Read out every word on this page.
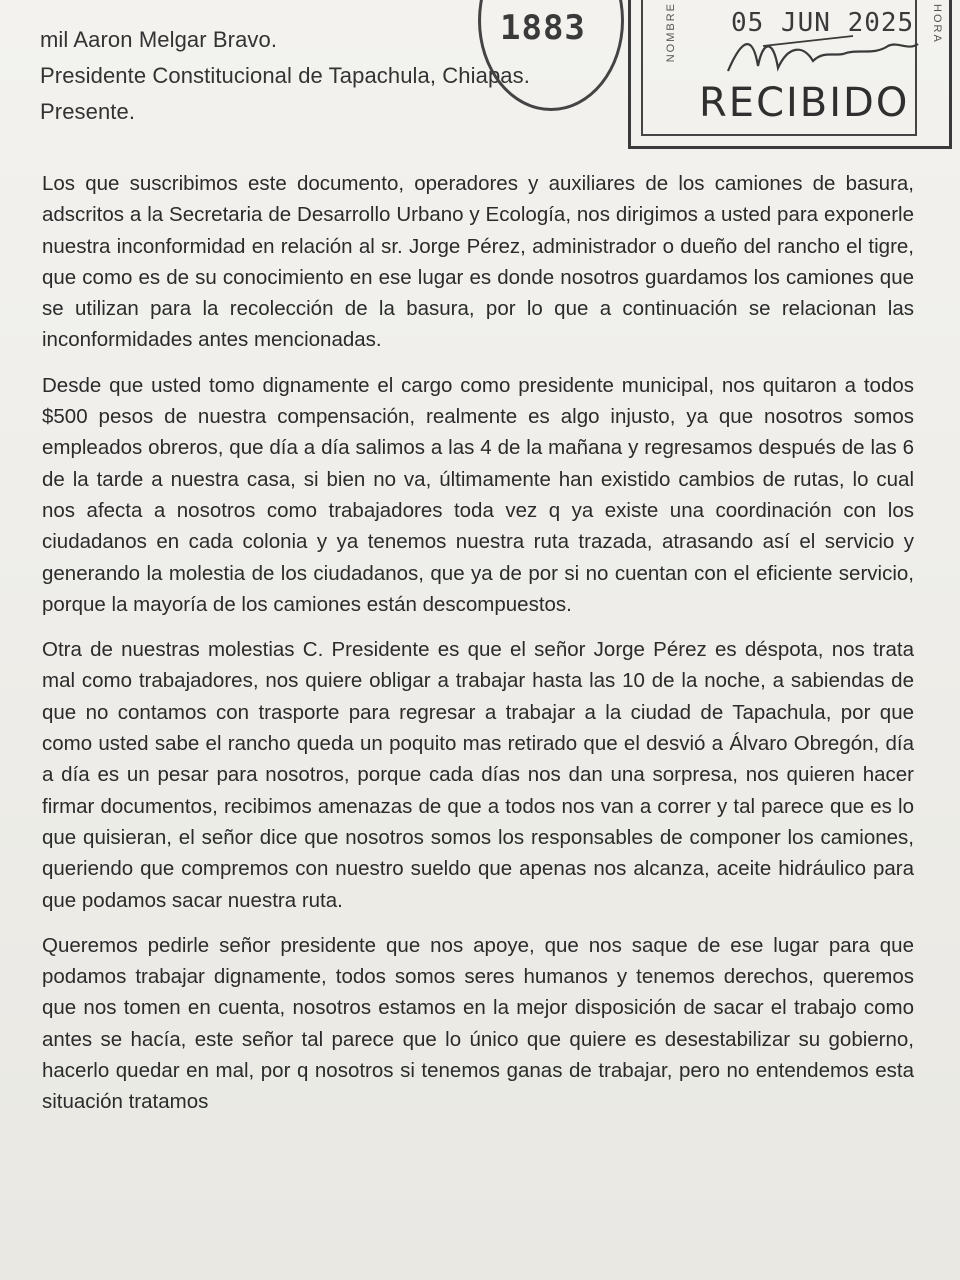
mil Aaron Melgar Bravo.
Presidente Constitucional de Tapachula, Chiapas.
Presente.
1883	NOMBRE 05 JUN 2025
RECIBIDO
HORA

Los que suscribimos este documento, operadores y auxiliares de los camiones de basura, adscritos a la Secretaria de Desarrollo Urbano y Ecología, nos dirigimos a usted para exponerle nuestra inconformidad en relación al sr. Jorge Pérez, administrador o dueño del rancho el tigre, que como es de su conocimiento en ese lugar es donde nosotros guardamos los camiones que se utilizan para la recolección de la basura, por lo que a continuación se relacionan las inconformidades antes mencionadas.

Desde que usted tomo dignamente el cargo como presidente municipal, nos quitaron a todos $500 pesos de nuestra compensación, realmente es algo injusto, ya que nosotros somos empleados obreros, que día a día salimos a las 4 de la mañana y regresamos después de las 6 de la tarde a nuestra casa, si bien no va, últimamente han existido cambios de rutas, lo cual nos afecta a nosotros como trabajadores toda vez q ya existe una coordinación con los ciudadanos en cada colonia y ya tenemos nuestra ruta trazada, atrasando así el servicio y generando la molestia de los ciudadanos, que ya de por si no cuentan con el eficiente servicio, porque la mayoría de los camiones están descompuestos.

Otra de nuestras molestias C. Presidente es que el señor Jorge Pérez es déspota, nos trata mal como trabajadores, nos quiere obligar a trabajar hasta las 10 de la noche, a sabiendas de que no contamos con trasporte para regresar a trabajar a la ciudad de Tapachula, por que como usted sabe el rancho queda un poquito mas retirado que el desvió a Álvaro Obregón, día a día es un pesar para nosotros, porque cada días nos dan una sorpresa, nos quieren hacer firmar documentos, recibimos amenazas de que a todos nos van a correr y tal parece que es lo que quisieran, el señor dice que nosotros somos los responsables de componer los camiones, queriendo que compremos con nuestro sueldo que apenas nos alcanza, aceite hidráulico para que podamos sacar nuestra ruta.

Queremos pedirle señor presidente que nos apoye, que nos saque de ese lugar para que podamos trabajar dignamente, todos somos seres humanos y tenemos derechos, queremos que nos tomen en cuenta, nosotros estamos en la mejor disposición de sacar el trabajo como antes se hacía, este señor tal parece que lo único que quiere es desestabilizar su gobierno, hacerlo quedar en mal, por q nosotros si tenemos ganas de trabajar, pero no entendemos esta situación tratamos
